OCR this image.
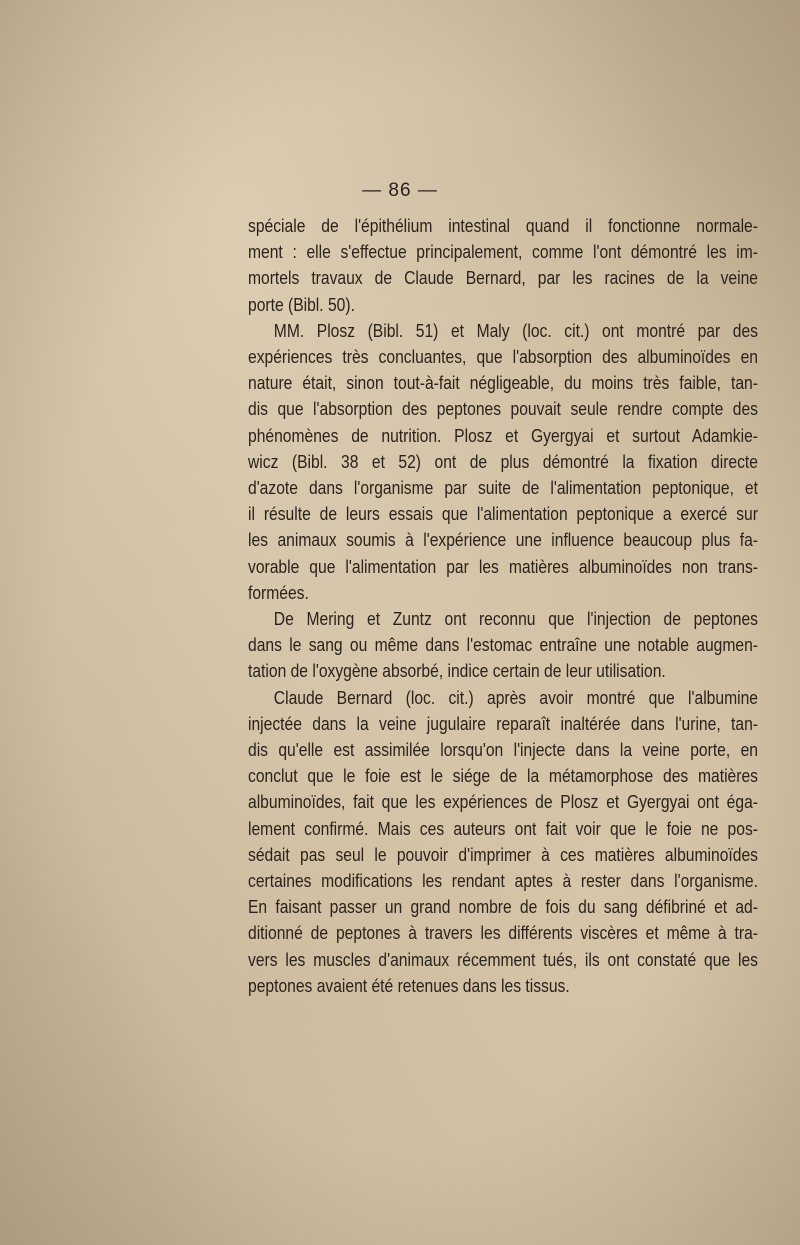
— 86 —
spéciale de l'épithélium intestinal quand il fonctionne normale-
ment : elle s'effectue principalement, comme l'ont démontré les im-
mortels travaux de Claude Bernard, par les racines de la veine
porte (Bibl. 50).
MM. Plosz (Bibl. 51) et Maly (loc. cit.) ont montré par des
expériences très concluantes, que l'absorption des albuminoïdes en
nature était, sinon tout-à-fait négligeable, du moins très faible, tan-
dis que l'absorption des peptones pouvait seule rendre compte des
phénomènes de nutrition. Plosz et Gyergyai et surtout Adamkie-
wicz (Bibl. 38 et 52) ont de plus démontré la fixation directe
d'azote dans l'organisme par suite de l'alimentation peptonique, et
il résulte de leurs essais que l'alimentation peptonique a exercé sur
les animaux soumis à l'expérience une influence beaucoup plus fa-
vorable que l'alimentation par les matières albuminoïdes non trans-
formées.
De Mering et Zuntz ont reconnu que l'injection de peptones
dans le sang ou même dans l'estomac entraîne une notable augmen-
tation de l'oxygène absorbé, indice certain de leur utilisation.
Claude Bernard (loc. cit.) après avoir montré que l'albumine
injectée dans la veine jugulaire reparaît inaltérée dans l'urine, tan-
dis qu'elle est assimilée lorsqu'on l'injecte dans la veine porte, en
conclut que le foie est le siége de la métamorphose des matières
albuminoïdes, fait que les expériences de Plosz et Gyergyai ont éga-
lement confirmé. Mais ces auteurs ont fait voir que le foie ne pos-
sédait pas seul le pouvoir d'imprimer à ces matières albuminoïdes
certaines modifications les rendant aptes à rester dans l'organisme.
En faisant passer un grand nombre de fois du sang défibriné et ad-
ditionné de peptones à travers les différents viscères et même à tra-
vers les muscles d'animaux récemment tués, ils ont constaté que les
peptones avaient été retenues dans les tissus.
